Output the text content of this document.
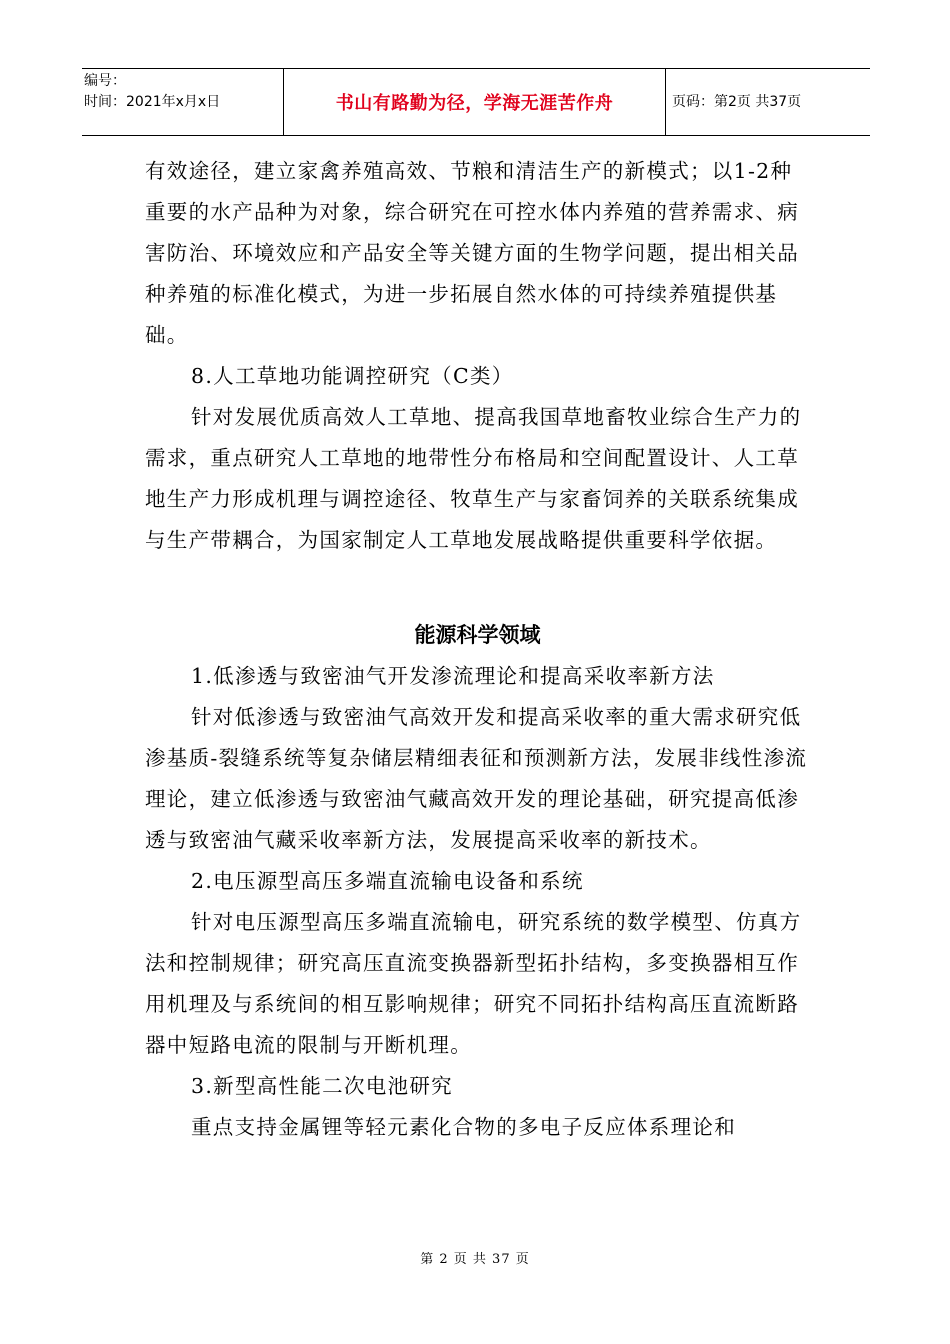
编号：
时间：2021年x月x日	书山有路勤为径，学海无涯苦作舟	页码：第2页 共37页

有效途径，建立家禽养殖高效、节粮和清洁生产的新模式；以1-2种重要的水产品种为对象，综合研究在可控水体内养殖的营养需求、病害防治、环境效应和产品安全等关键方面的生物学问题，提出相关品种养殖的标准化模式，为进一步拓展自然水体的可持续养殖提供基础。

8.人工草地功能调控研究（C类）

针对发展优质高效人工草地、提高我国草地畜牧业综合生产力的需求，重点研究人工草地的地带性分布格局和空间配置设计、人工草地生产力形成机理与调控途径、牧草生产与家畜饲养的关联系统集成与生产带耦合，为国家制定人工草地发展战略提供重要科学依据。

能源科学领域

1.低渗透与致密油气开发渗流理论和提高采收率新方法

针对低渗透与致密油气高效开发和提高采收率的重大需求研究低渗基质-裂缝系统等复杂储层精细表征和预测新方法，发展非线性渗流理论，建立低渗透与致密油气藏高效开发的理论基础，研究提高低渗透与致密油气藏采收率新方法，发展提高采收率的新技术。

2.电压源型高压多端直流输电设备和系统

针对电压源型高压多端直流输电，研究系统的数学模型、仿真方法和控制规律；研究高压直流变换器新型拓扑结构，多变换器相互作用机理及与系统间的相互影响规律；研究不同拓扑结构高压直流断路器中短路电流的限制与开断机理。

3.新型高性能二次电池研究

重点支持金属锂等轻元素化合物的多电子反应体系理论和

第 2 页 共 37 页
